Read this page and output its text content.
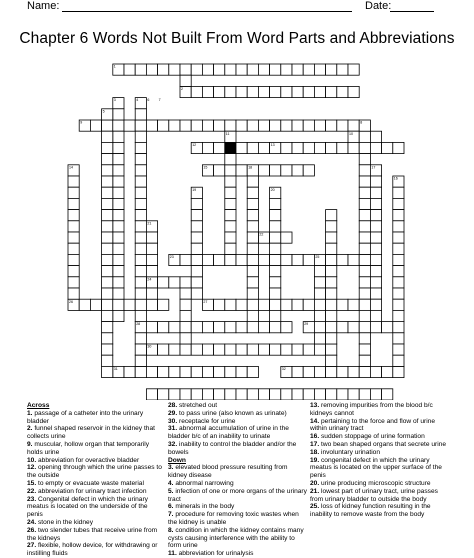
Name:	Date:
Chapter 6 Words Not Built From Word Parts and Abbreviations
1
2
3	4
5
6	7
8
9
10
11
12	13
14	15
16
17
18
19	20
21
22
23
24
25
26	27
28	29
30
31	32
Across
1. passage of a catheter into the urinary bladder
2. funnel shaped reservoir in the kidney that collects urine
9. muscular, hollow organ that temporarily holds urine
10. abbreviation for overactive bladder
12. opening through which the urine passes to the outside
15. to empty or evacuate waste material
22. abbreviation for urinary tract infection
23. Congenital defect in which the urinary meatus is located on the underside of the penis
24. stone in the kidney
26. two slender tubes that receive urine from the kidneys
27. flexible, hollow device, for withdrawing or instilling fluids
28. stretched out
29. to pass urine (also known as urinate)
30. receptacle for urine
31. abnormal accumulation of urine in the bladder b/c of an inability to urinate
32. inability to control the bladder and/or the bowels
Down
3. elevated blood pressure resulting from kidney disease
4. abnormal narrowing
5. infection of one or more organs of the urinary tract
6. minerals in the body
7. procedure for removing toxic wastes when the kidney is unable
8. condition in which the kidney contains many cysts causing interference with the ability to form urine
11. abbreviation for urinalysis
13. removing impurities from the blood b/c kidneys cannot
14. pertaining to the force and flow of urine within urinary tract
16. sudden stoppage of urine formation
17. two bean shaped organs that secrete urine
18. involuntary urination
19. congenital defect in which the urinary meatus is located on the upper surface of the penis
20. urine producing microscopic structure
21. lowest part of urinary tract, urine passes from urinary bladder to outside the body
25. loss of kidney function resulting in the inability to remove waste from the body
